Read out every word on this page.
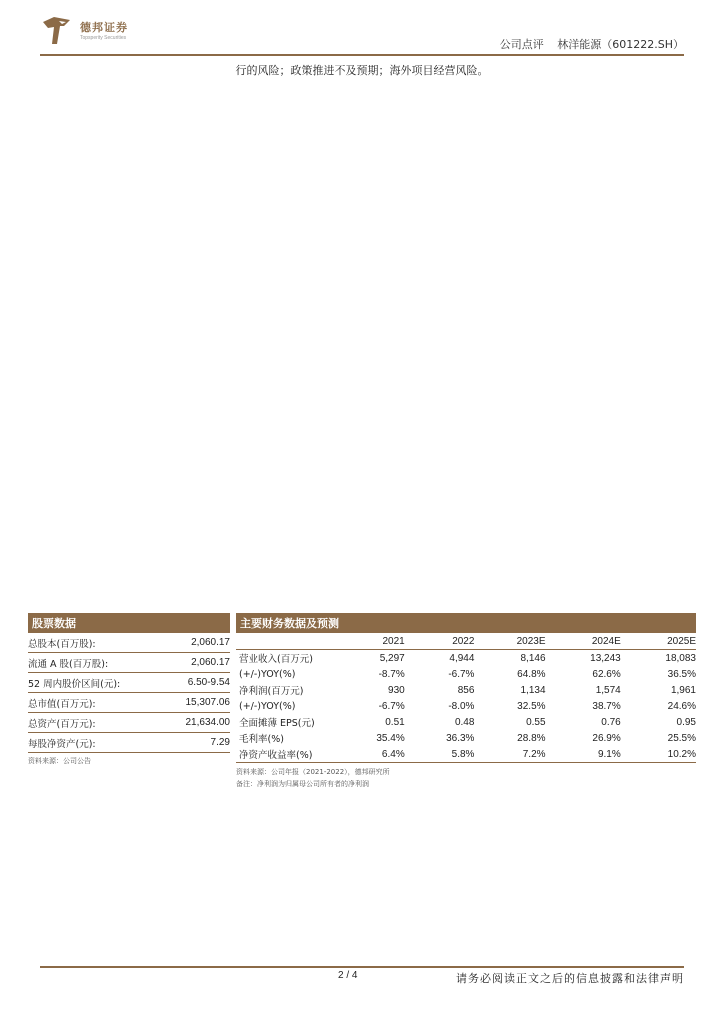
德邦证券
Topsperity Securities
公司点评 林洋能源（601222.SH）
行的风险；政策推进不及预期；海外项目经营风险。
股票数据
总股本(百万股):	2,060.17
流通 A 股(百万股):	2,060.17
52 周内股价区间(元):	6.50-9.54
总市值(百万元):	15,307.06
总资产(百万元):	21,634.00
每股净资产(元):	7.29
资料来源：公司公告
主要财务数据及预测
	2021	2022	2023E	2024E	2025E
营业收入(百万元)	5,297	4,944	8,146	13,243	18,083
(+/-)YOY(%)	-8.7%	-6.7%	64.8%	62.6%	36.5%
净利润(百万元)	930	856	1,134	1,574	1,961
(+/-)YOY(%)	-6.7%	-8.0%	32.5%	38.7%	24.6%
全面摊薄 EPS(元)	0.51	0.48	0.55	0.76	0.95
毛利率(%)	35.4%	36.3%	28.8%	26.9%	25.5%
净资产收益率(%)	6.4%	5.8%	7.2%	9.1%	10.2%
资料来源：公司年报（2021-2022），德邦研究所
备注：净利润为归属母公司所有者的净利润
2 / 4	请务必阅读正文之后的信息披露和法律声明
